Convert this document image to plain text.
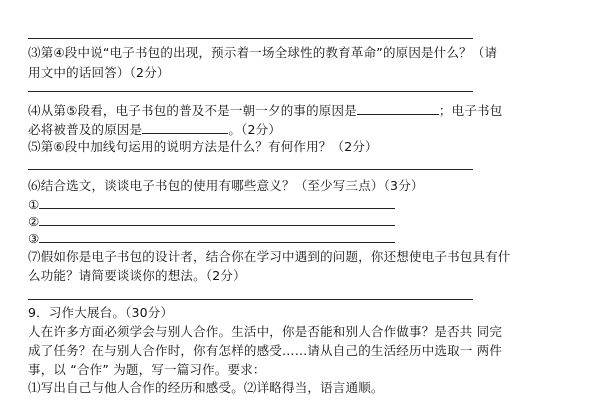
⑶第④段中说“电子书包的出现，预示着一场全球性的教育革命”的原因是什么？（请
用文中的话回答）（2分）
⑷从第⑤段看，电子书包的普及不是一朝一夕的事的原因是	；电子书包
必将被普及的原因是	。（2分）
⑸第⑥段中加线句运用的说明方法是什么？有何作用？（2分）
⑹结合选文，谈谈电子书包的使用有哪些意义？（至少写三点）（3分）
①
②
③
⑺假如你是电子书包的设计者，结合你在学习中遇到的问题，你还想使电子书包具有什
么功能？请简要谈谈你的想法。（2分）
9．习作大展台。（30分）
人在许多方面必须学会与别人合作。生活中，你是否能和别人合作做事？是否共 同完
成了任务？在与别人合作时，你有怎样的感受……请从自己的生活经历中选取一 两件
事，以 “合作” 为题，写一篇习作。要求：
⑴写出自己与他人合作的经历和感受。⑵详略得当，语言通顺。
